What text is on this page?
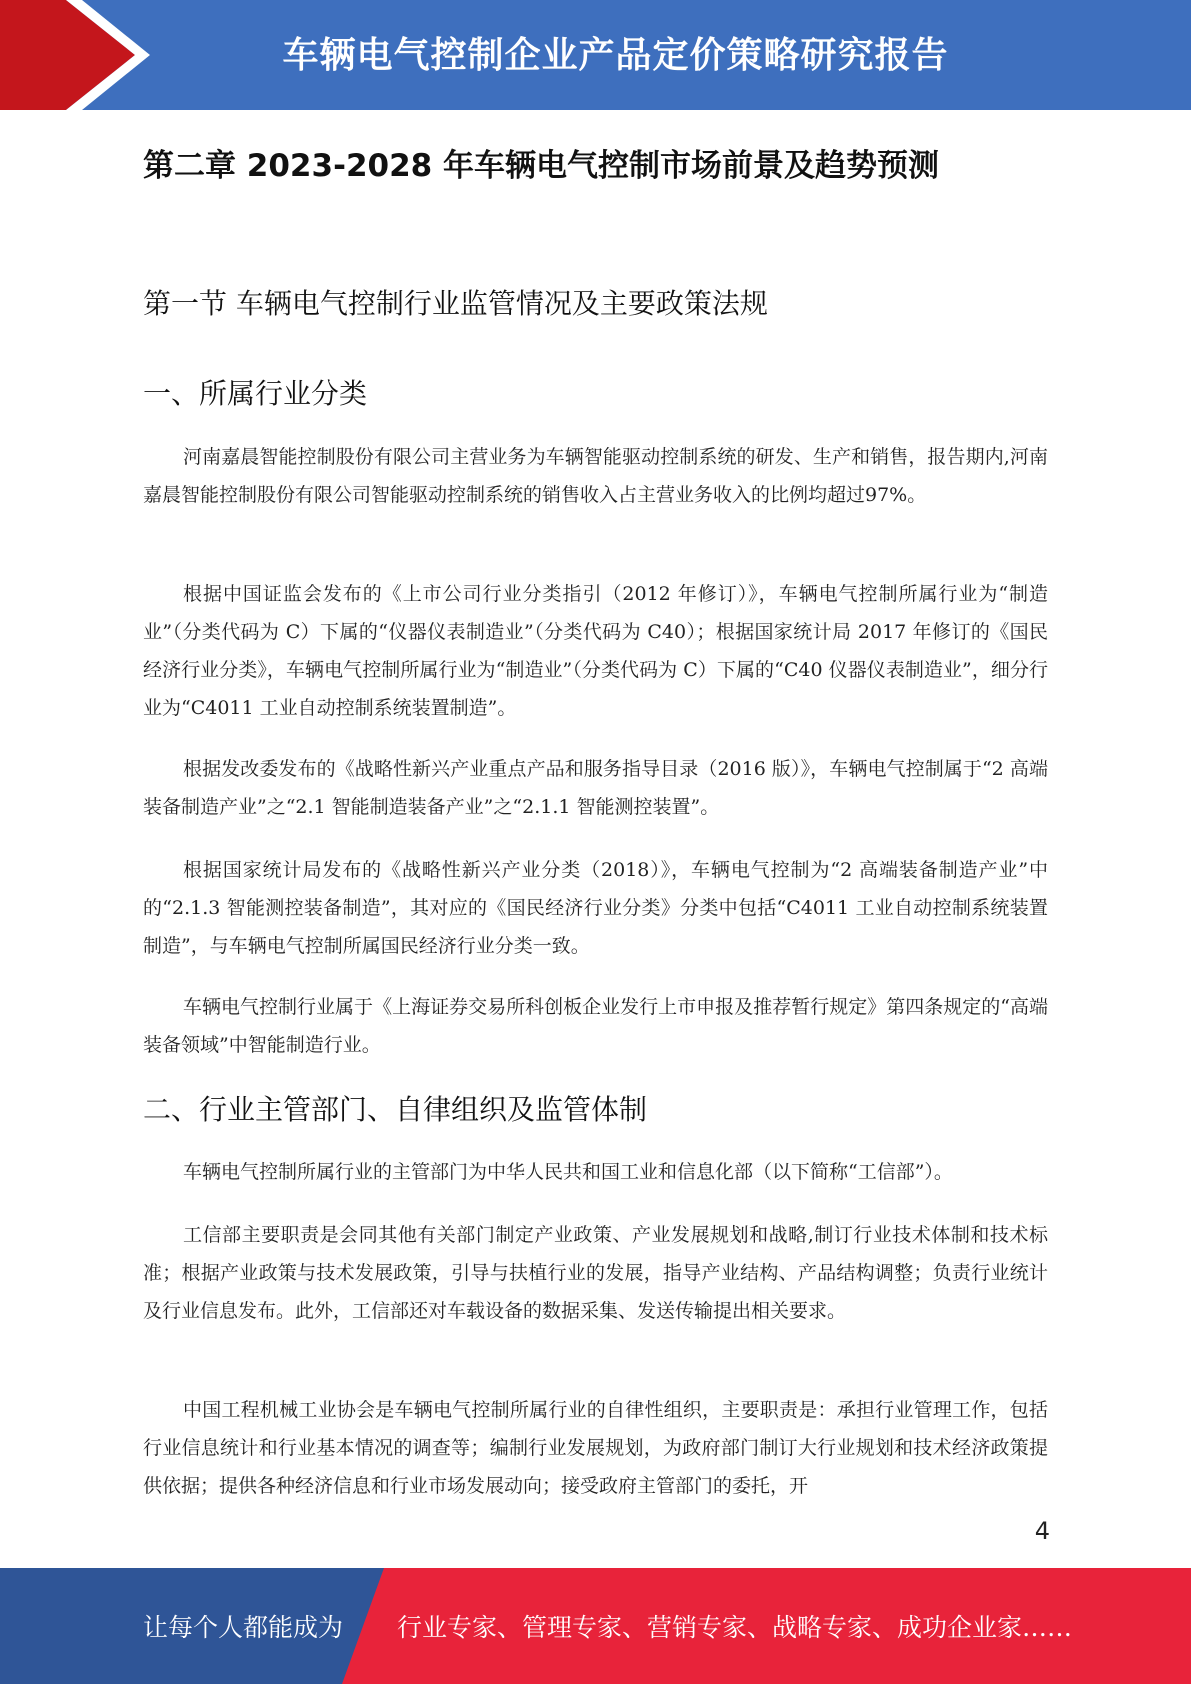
车辆电气控制企业产品定价策略研究报告
第二章 2023-2028 年车辆电气控制市场前景及趋势预测
第一节 车辆电气控制行业监管情况及主要政策法规
一、所属行业分类
河南嘉晨智能控制股份有限公司主营业务为车辆智能驱动控制系统的研发、生产和销售，报告期内,河南嘉晨智能控制股份有限公司智能驱动控制系统的销售收入占主营业务收入的比例均超过97%。
根据中国证监会发布的《上市公司行业分类指引（2012 年修订）》，车辆电气控制所属行业为“制造业”（分类代码为 C）下属的“仪器仪表制造业”（分类代码为 C40）；根据国家统计局 2017 年修订的《国民经济行业分类》，车辆电气控制所属行业为“制造业”（分类代码为 C）下属的“C40 仪器仪表制造业”，细分行业为“C4011 工业自动控制系统装置制造”。
根据发改委发布的《战略性新兴产业重点产品和服务指导目录（2016 版）》，车辆电气控制属于“2 高端装备制造产业”之“2.1 智能制造装备产业”之“2.1.1 智能测控装置”。
根据国家统计局发布的《战略性新兴产业分类（2018）》，车辆电气控制为“2 高端装备制造产业”中的“2.1.3 智能测控装备制造”，其对应的《国民经济行业分类》分类中包括“C4011 工业自动控制系统装置制造”，与车辆电气控制所属国民经济行业分类一致。
车辆电气控制行业属于《上海证券交易所科创板企业发行上市申报及推荐暂行规定》第四条规定的“高端装备领域”中智能制造行业。
二、行业主管部门、自律组织及监管体制
车辆电气控制所属行业的主管部门为中华人民共和国工业和信息化部（以下简称“工信部”）。
工信部主要职责是会同其他有关部门制定产业政策、产业发展规划和战略,制订行业技术体制和技术标准；根据产业政策与技术发展政策，引导与扶植行业的发展，指导产业结构、产品结构调整；负责行业统计及行业信息发布。此外，工信部还对车载设备的数据采集、发送传输提出相关要求。
中国工程机械工业协会是车辆电气控制所属行业的自律性组织，主要职责是：承担行业管理工作，包括行业信息统计和行业基本情况的调查等；编制行业发展规划，为政府部门制订大行业规划和技术经济政策提供依据；提供各种经济信息和行业市场发展动向；接受政府主管部门的委托，开
4
让每个人都能成为 行业专家、管理专家、营销专家、战略专家、成功企业家……
